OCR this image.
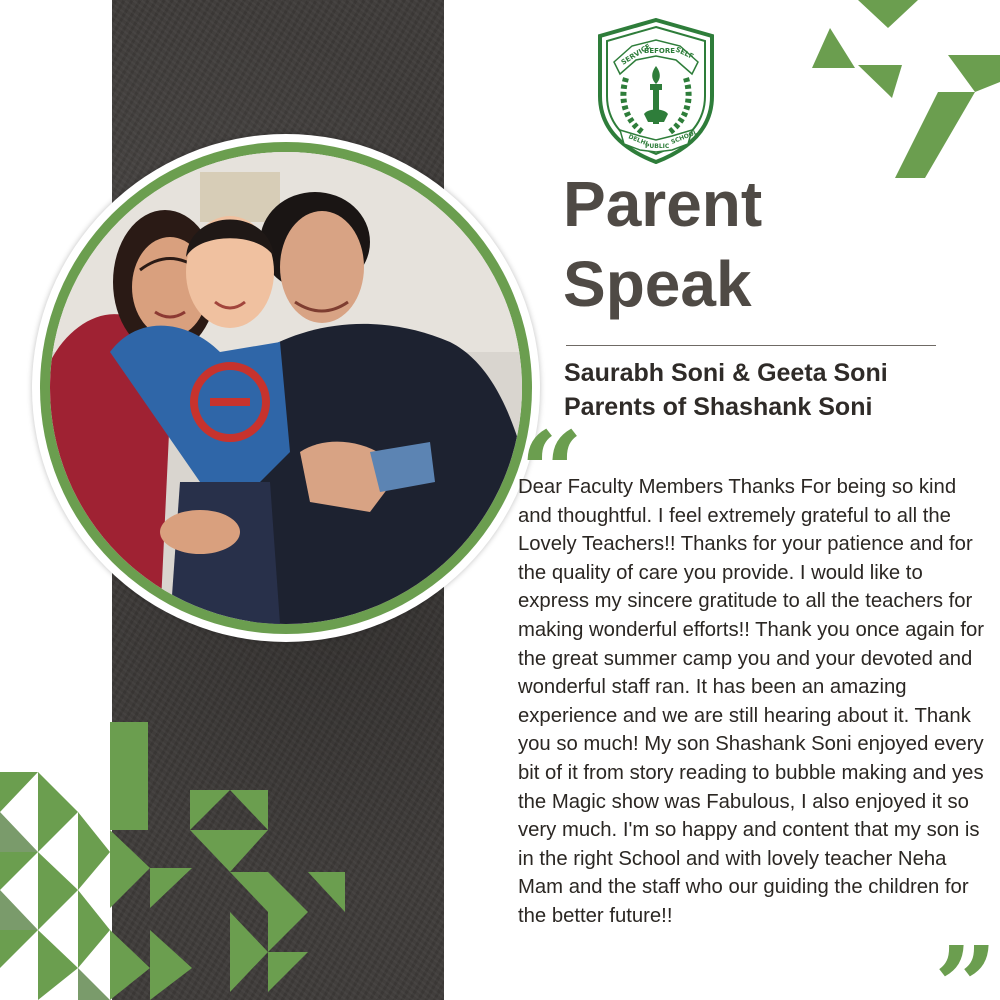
SERVICE
BEFORE SELF
DELHI
PUBLIC
SCHOOL
Parent
Speak
Saurabh Soni & Geeta Soni
Parents of Shashank Soni
“

Dear Faculty Members Thanks For being so kind and thoughtful. I feel extremely grateful to all the Lovely Teachers!! Thanks for your patience and for the quality of care you provide. I would like to express my sincere gratitude to all the teachers for making wonderful efforts!! Thank you once again for the great summer camp you and your devoted and wonderful staff ran. It has been an amazing experience and we are still hearing about it. Thank you so much! My son Shashank Soni enjoyed every bit of it from story reading to bubble making and yes the Magic show was Fabulous, I also enjoyed it so very much. I'm so happy and content that my son is in the right School and with lovely teacher Neha Mam and the staff who our guiding the children for the better future!!

”
